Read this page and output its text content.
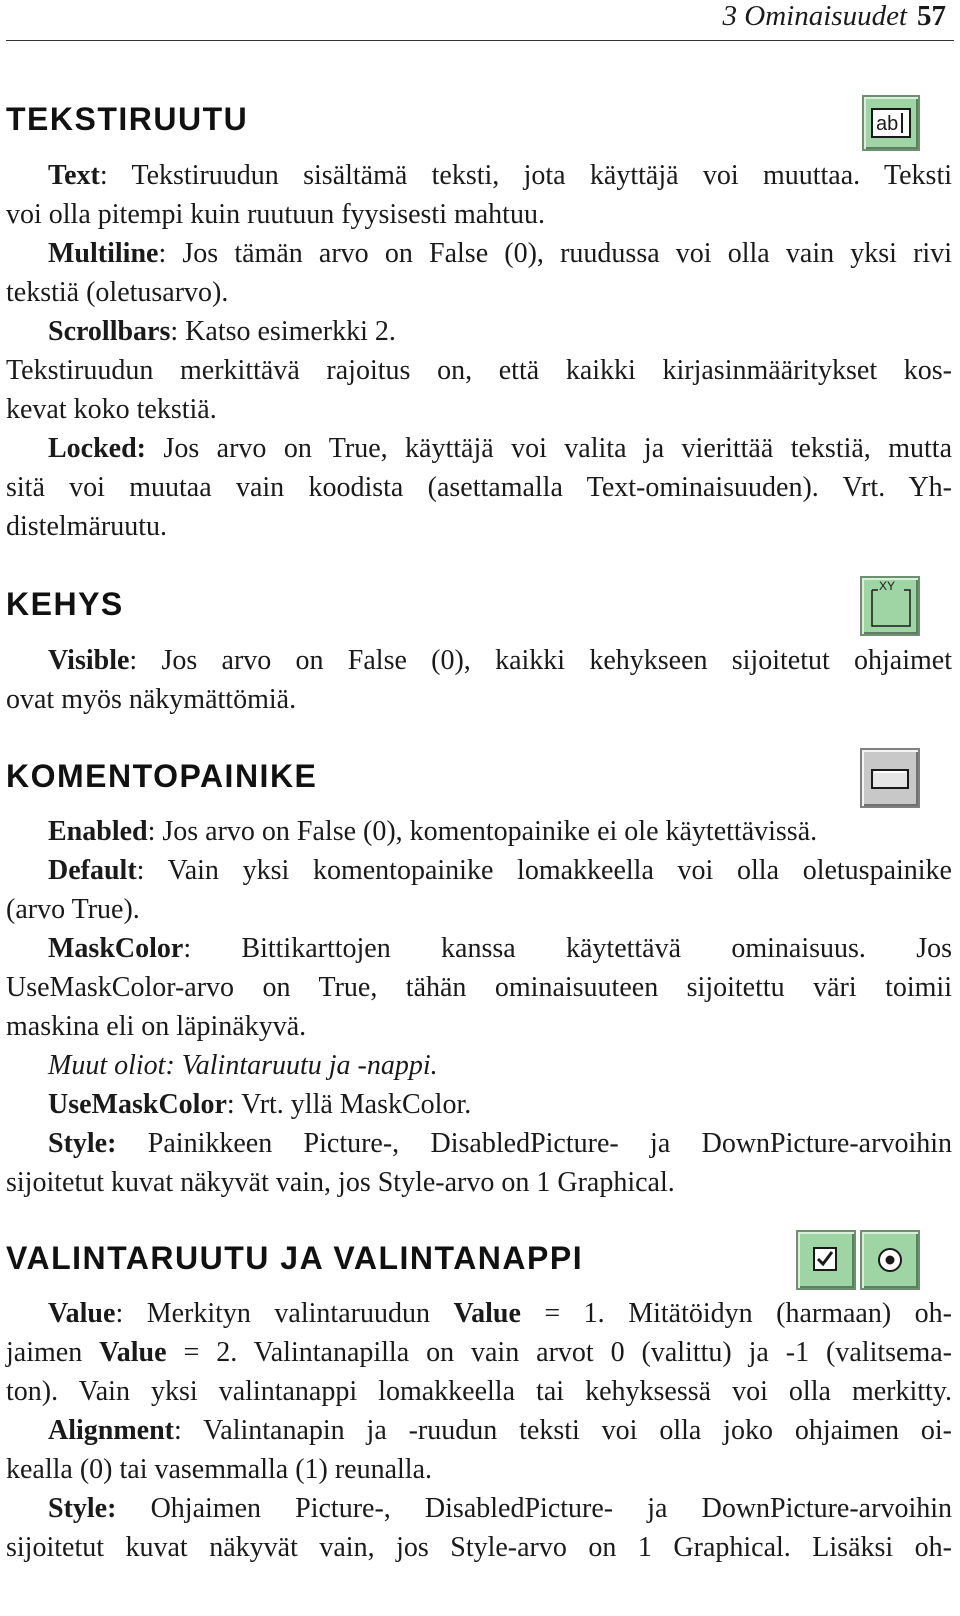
3 Ominaisuudet 57
TEKSTIRUUTU	ab

Text: Tekstiruudun sisältämä teksti, jota käyttäjä voi muuttaa. Teksti

voi olla pitempi kuin ruutuun fyysisesti mahtuu.

Multiline: Jos tämän arvo on False (0), ruudussa voi olla vain yksi rivi

tekstiä (oletusarvo).

Scrollbars: Katso esimerkki 2.

Tekstiruudun merkittävä rajoitus on, että kaikki kirjasinmääritykset kos-

kevat koko tekstiä.

Locked: Jos arvo on True, käyttäjä voi valita ja vierittää tekstiä, mutta

sitä voi muutaa vain koodista (asettamalla Text-ominaisuuden). Vrt. Yh-

distelmäruutu.

KEHYS	XY

Visible: Jos arvo on False (0), kaikki kehykseen sijoitetut ohjaimet

ovat myös näkymättömiä.

KOMENTOPAINIKE

Enabled: Jos arvo on False (0), komentopainike ei ole käytettävissä.

Default: Vain yksi komentopainike lomakkeella voi olla oletuspainike

(arvo True).

MaskColor: Bittikarttojen kanssa käytettävä ominaisuus. Jos

UseMaskColor-arvo on True, tähän ominaisuuteen sijoitettu väri toimii

maskina eli on läpinäkyvä.

Muut oliot: Valintaruutu ja -nappi.

UseMaskColor: Vrt. yllä MaskColor.

Style: Painikkeen Picture-, DisabledPicture- ja DownPicture-arvoihin

sijoitetut kuvat näkyvät vain, jos Style-arvo on 1 Graphical.

VALINTARUUTU JA VALINTANAPPI

Value: Merkityn valintaruudun Value = 1. Mitätöidyn (harmaan) oh-

jaimen Value = 2. Valintanapilla on vain arvot 0 (valittu) ja -1 (valitsema-

ton). Vain yksi valintanappi lomakkeella tai kehyksessä voi olla merkitty.

Alignment: Valintanapin ja -ruudun teksti voi olla joko ohjaimen oi-

kealla (0) tai vasemmalla (1) reunalla.

Style: Ohjaimen Picture-, DisabledPicture- ja DownPicture-arvoihin

sijoitetut kuvat näkyvät vain, jos Style-arvo on 1 Graphical. Lisäksi oh-
